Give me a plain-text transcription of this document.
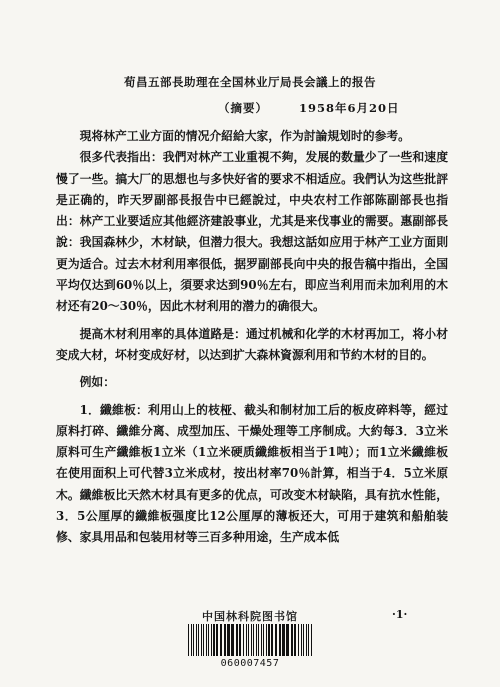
荀昌五部長助理在全国林业厅局長会議上的报告
（摘要）	1958年6月20日

現将林产工业方面的情况介紹給大家，作为討論規划时的参考。

很多代表指出：我們对林产工业重視不夠，发展的数量少了一些和速度慢了一些。搞大厂的思想也与多快好省的要求不相适应。我們认为这些批評是正确的，昨天罗副部長报告中已經說过，中央农村工作部陈副部長也指出：林产工业要适应其他經济建設事业，尤其是来伐事业的需要。惠副部長說：我国森林少，木材缺，但潜力很大。我想这話如应用于林产工业方面則更为适合。过去木材利用率很低，据罗副部長向中央的报告稿中指出，全国平均仅达到60％以上，須要求达到90％左右，即应当利用而未加利用的木材还有20～30％，因此木材利用的潜力的确很大。

提高木材利用率的具体道路是：通过机械和化学的木材再加工，将小材变成大材，坏材变成好材，以达到扩大森林資源利用和节約木材的目的。

例如：

1．纖維板：利用山上的枝桠、截头和制材加工后的板皮碎料等，經过原料打碎、纖維分离、成型加压、干燥处理等工序制成。大約每3．3立米原料可生产纖維板1立米（1立米硬质纖維板相当于1吨）；而1立米纖維板在使用面积上可代替3立米成材，按出材率70％計算，相当于4．5立米原木。纖維板比天然木材具有更多的优点，可改变木材缺陷，具有抗水性能，3．5公厘厚的纖維板强度比12公厘厚的薄板还大，可用于建筑和船舶装修、家具用品和包装用材等三百多种用途，生产成本低

中国林科院图书馆	·1·
060007457
